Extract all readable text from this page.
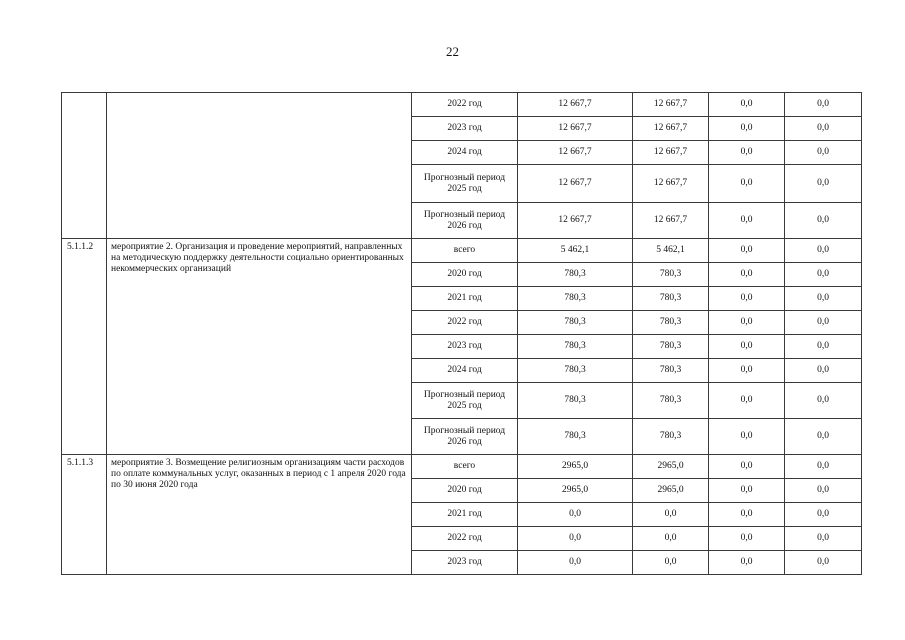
22
		2022 год	12 667,7	12 667,7	0,0	0,0
		2023 год	12 667,7	12 667,7	0,0	0,0
		2024 год	12 667,7	12 667,7	0,0	0,0
		Прогнозный период 2025 год	12 667,7	12 667,7	0,0	0,0
		Прогнозный период 2026 год	12 667,7	12 667,7	0,0	0,0
5.1.1.2	мероприятие 2. Организация и проведение мероприятий, направленных на методическую поддержку деятельности социально ориентированных некоммерческих организаций	всего	5 462,1	5 462,1	0,0	0,0
		2020 год	780,3	780,3	0,0	0,0
		2021 год	780,3	780,3	0,0	0,0
		2022 год	780,3	780,3	0,0	0,0
		2023 год	780,3	780,3	0,0	0,0
		2024 год	780,3	780,3	0,0	0,0
		Прогнозный период 2025 год	780,3	780,3	0,0	0,0
		Прогнозный период 2026 год	780,3	780,3	0,0	0,0
5.1.1.3	мероприятие 3. Возмещение религиозным организациям части расходов по оплате коммунальных услуг, оказанных в период с 1 апреля 2020 года по 30 июня 2020 года	всего	2965,0	2965,0	0,0	0,0
		2020 год	2965,0	2965,0	0,0	0,0
		2021 год	0,0	0,0	0,0	0,0
		2022 год	0,0	0,0	0,0	0,0
		2023 год	0,0	0,0	0,0	0,0
